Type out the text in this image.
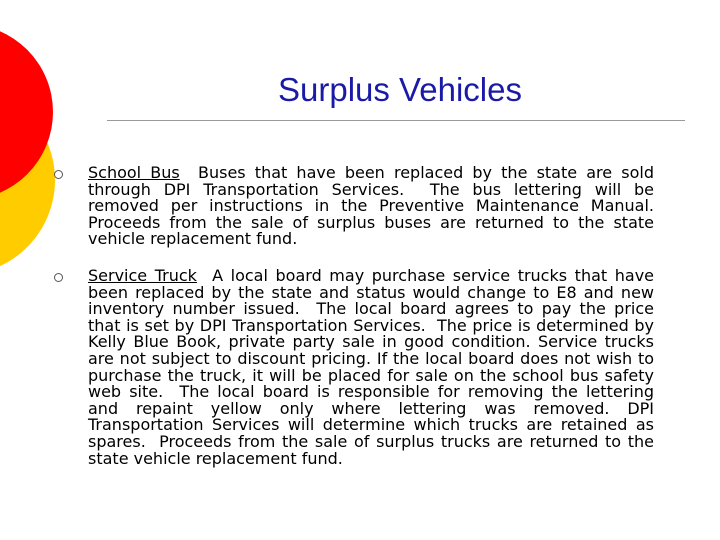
Surplus Vehicles
School Bus  Buses that have been replaced by the state are sold through DPI Transportation Services.  The bus lettering will be removed per instructions in the Preventive Maintenance Manual.  Proceeds from the sale of surplus buses are returned to the state vehicle replacement fund.
Service Truck  A local board may purchase service trucks that have been replaced by the state and status would change to E8 and new inventory number issued.  The local board agrees to pay the price that is set by DPI Transportation Services.  The price is determined by Kelly Blue Book, private party sale in good condition. Service trucks are not subject to discount pricing. If the local board does not wish to purchase the truck, it will be placed for sale on the school bus safety web site.  The local board is responsible for removing the lettering and repaint yellow only where lettering was removed. DPI Transportation Services will determine which trucks are retained as spares.  Proceeds from the sale of surplus trucks are returned to the state vehicle replacement fund.
